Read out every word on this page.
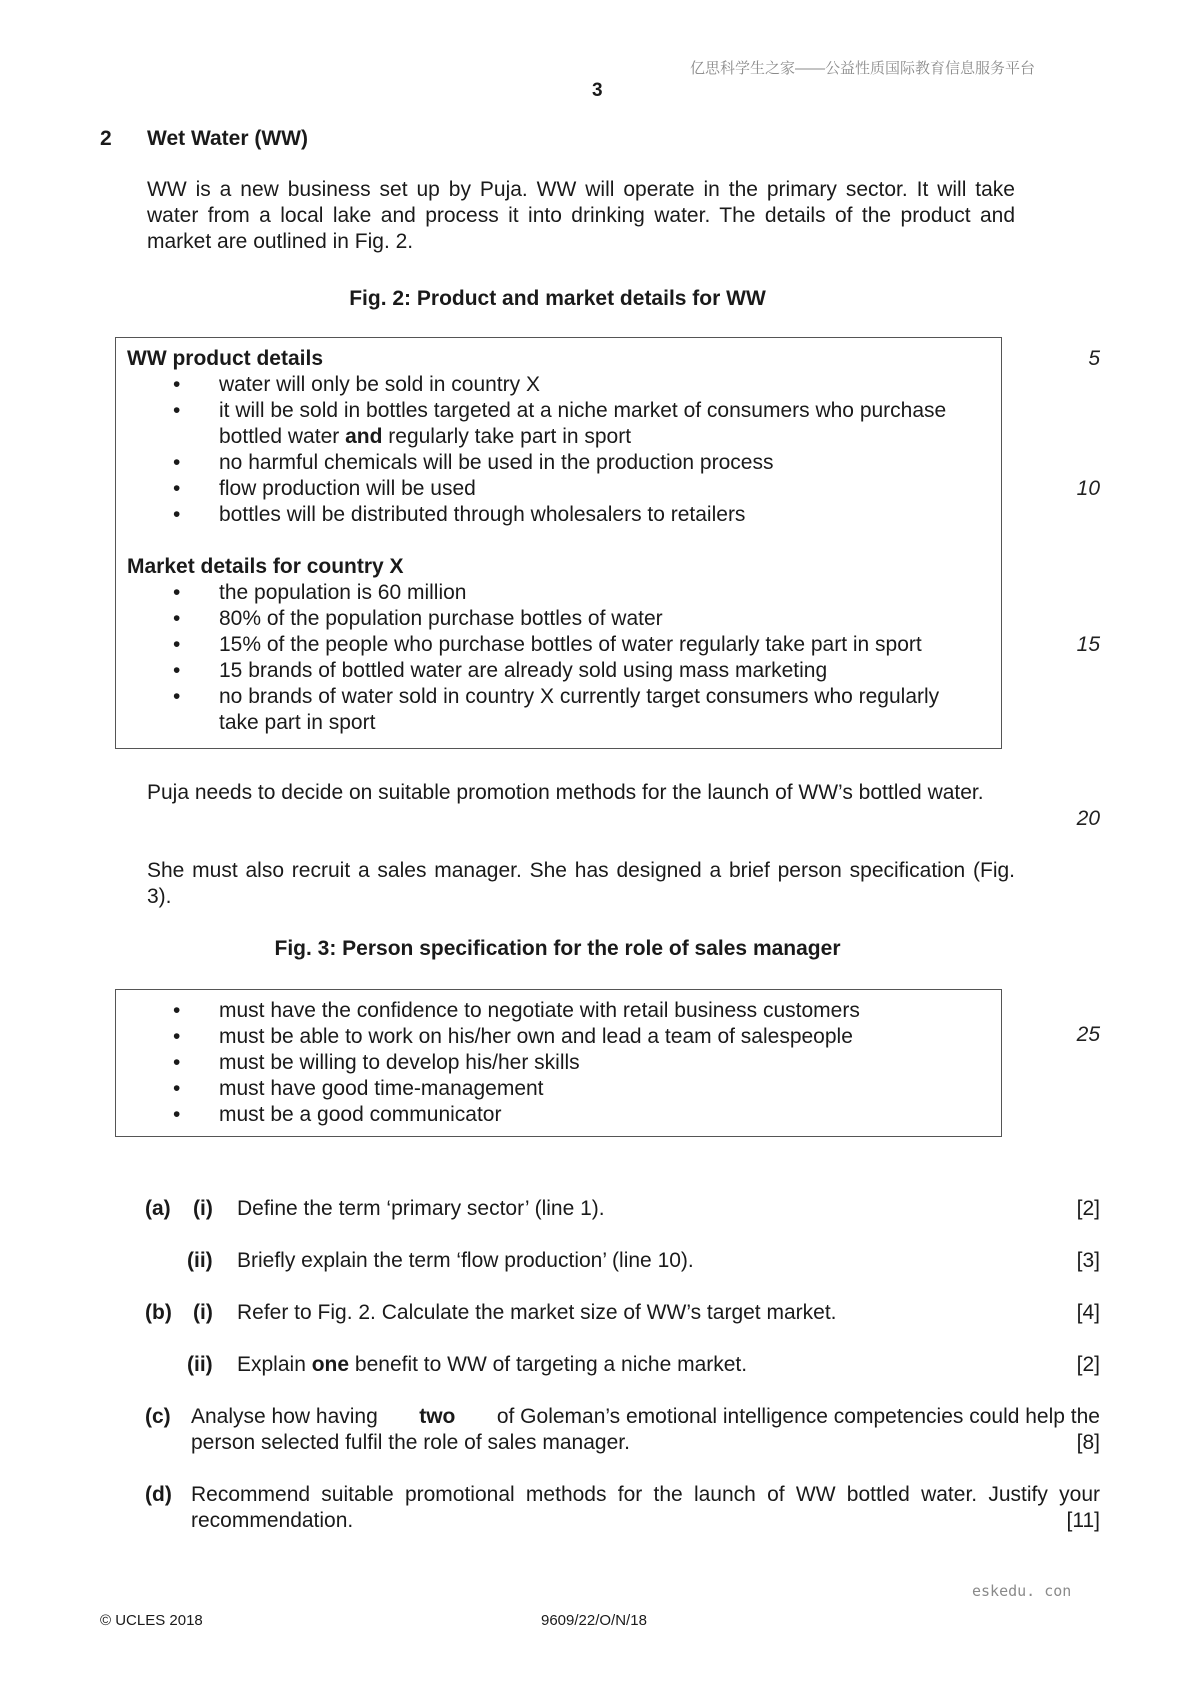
亿思科学生之家——公益性质国际教育信息服务平台
3
2 Wet Water (WW)
WW is a new business set up by Puja. WW will operate in the primary sector. It will take water from a local lake and process it into drinking water. The details of the product and market are outlined in Fig. 2.
Fig. 2: Product and market details for WW
WW product details
• water will only be sold in country X
• it will be sold in bottles targeted at a niche market of consumers who purchase
bottled water and regularly take part in sport
• no harmful chemicals will be used in the production process
• flow production will be used
• bottles will be distributed through wholesalers to retailers
Market details for country X
• the population is 60 million
• 80% of the population purchase bottles of water
• 15% of the people who purchase bottles of water regularly take part in sport
• 15 brands of bottled water are already sold using mass marketing
• no brands of water sold in country X currently target consumers who regularly
take part in sport
5
10
15
20
25
Puja needs to decide on suitable promotion methods for the launch of WW’s bottled water.
She must also recruit a sales manager. She has designed a brief person specification (Fig. 3).
Fig. 3: Person specification for the role of sales manager
• must have the confidence to negotiate with retail business customers
• must be able to work on his/her own and lead a team of salespeople
• must be willing to develop his/her skills
• must have good time-management
• must be a good communicator
(a) (i) Define the term ‘primary sector’ (line 1).	[2]
(ii) Briefly explain the term ‘flow production’ (line 10).	[3]
(b) (i) Refer to Fig. 2. Calculate the market size of WW’s target market.	[4]
(ii) Explain one benefit to WW of targeting a niche market.	[2]
(c) Analyse how having two of Goleman’s emotional intelligence competencies could help the
person selected fulfil the role of sales manager.	[8]
(d) Recommend suitable promotional methods for the launch of WW bottled water. Justify your
recommendation.	[11]
eskedu. con
© UCLES 2018	9609/22/O/N/18
